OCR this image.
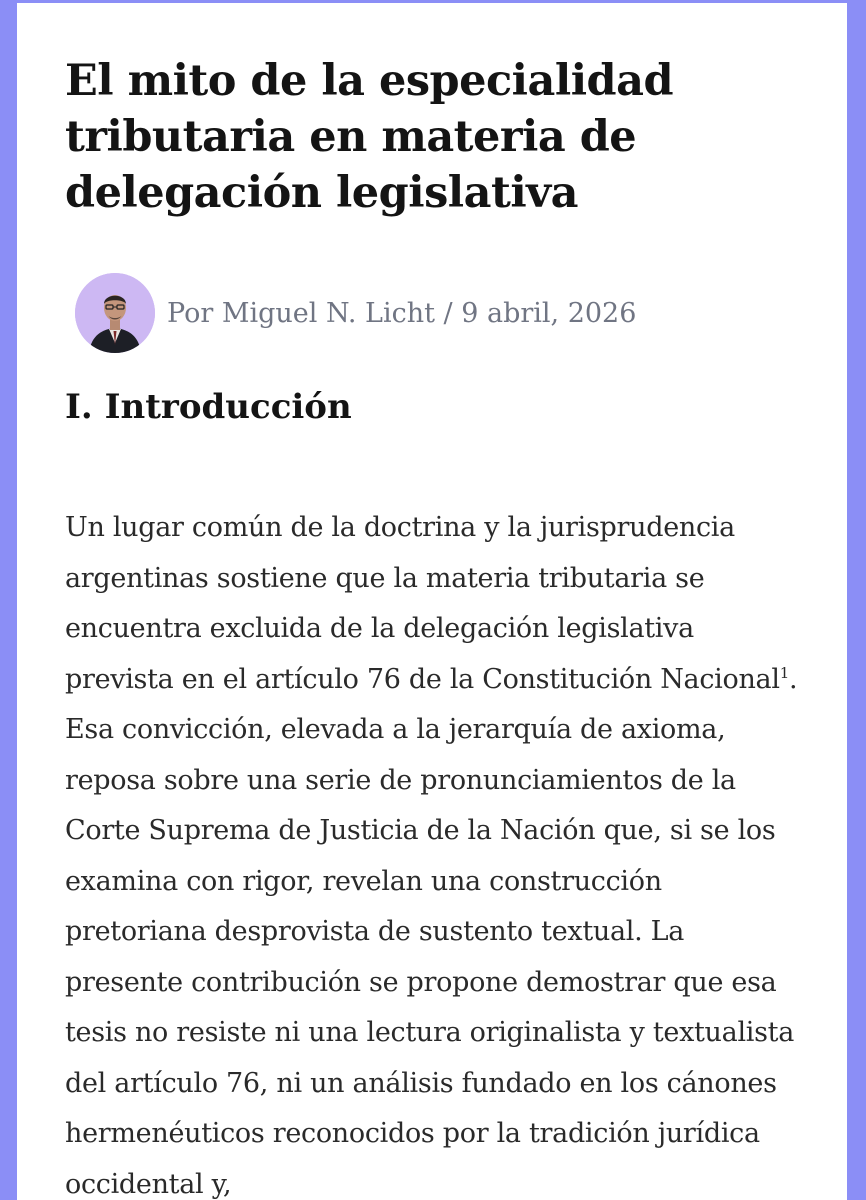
El mito de la especialidad tributaria en materia de delegación legislativa
Por Miguel N. Licht / 9 abril, 2026
I. Introducción

Un lugar común de la doctrina y la jurisprudencia argentinas sostiene que la materia tributaria se encuentra excluida de la delegación legislativa prevista en el artículo 76 de la Constitución Nacional$^1$. Esa convicción, elevada a la jerarquía de axioma, reposa sobre una serie de pronunciamientos de la Corte Suprema de Justicia de la Nación que, si se los examina con rigor, revelan una construcción pretoriana desprovista de sustento textual. La presente contribución se propone demostrar que esa tesis no resiste ni una lectura originalista y textualista del artículo 76, ni un análisis fundado en los cánones hermenéuticos reconocidos por la tradición jurídica occidental y,
